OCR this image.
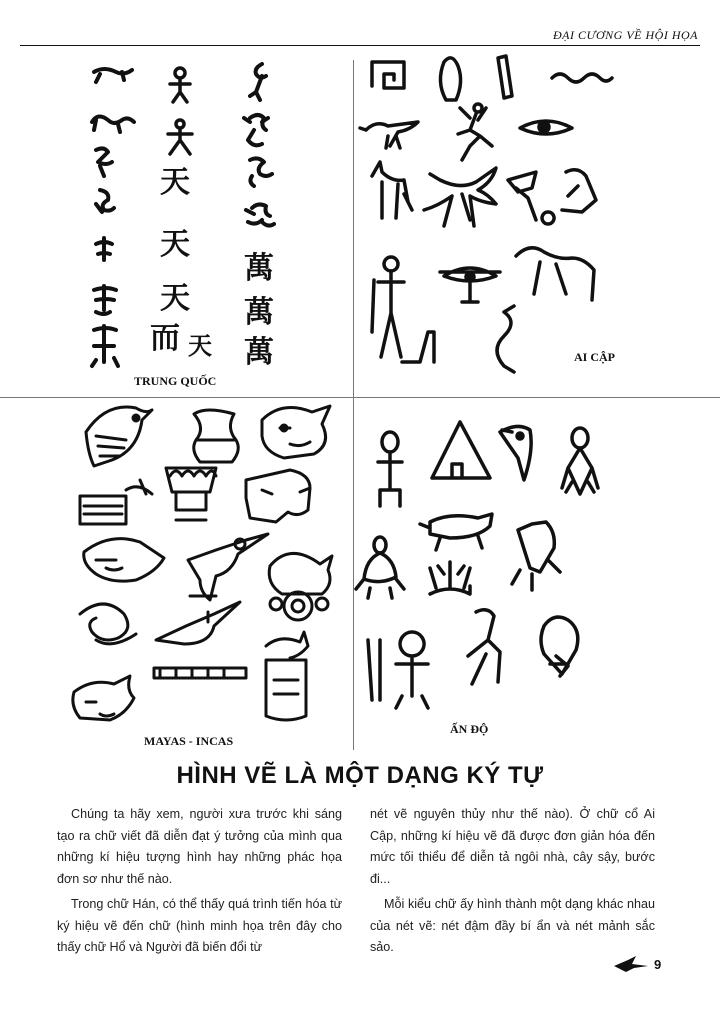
ĐẠI CƯƠNG VỀ HỘI HỌA
天
天
天
而 天
萬
萬
萬
TRUNG QUỐC
AI CẬP
MAYAS - INCAS
ẤN ĐỘ
HÌNH VẼ LÀ MỘT DẠNG KÝ TỰ

Chúng ta hãy xem, người xưa trước khi sáng tạo ra chữ viết đã diễn đạt ý tưởng của mình qua những kí hiệu tượng hình hay những phác họa đơn sơ như thế nào.

Trong chữ Hán, có thể thấy quá trình tiến hóa từ ký hiệu vẽ đến chữ (hình minh họa trên đây cho thấy chữ Hổ và Người đã biến đổi từ

nét vẽ nguyên thủy như thế nào). Ở chữ cổ Ai Cập, những kí hiệu vẽ đã được đơn giản hóa đến mức tối thiểu để diễn tả ngôi nhà, cây sậy, bước đi...

Mỗi kiểu chữ ấy hình thành một dạng khác nhau của nét vẽ: nét đậm đầy bí ẩn và nét mảnh sắc sảo.

9
